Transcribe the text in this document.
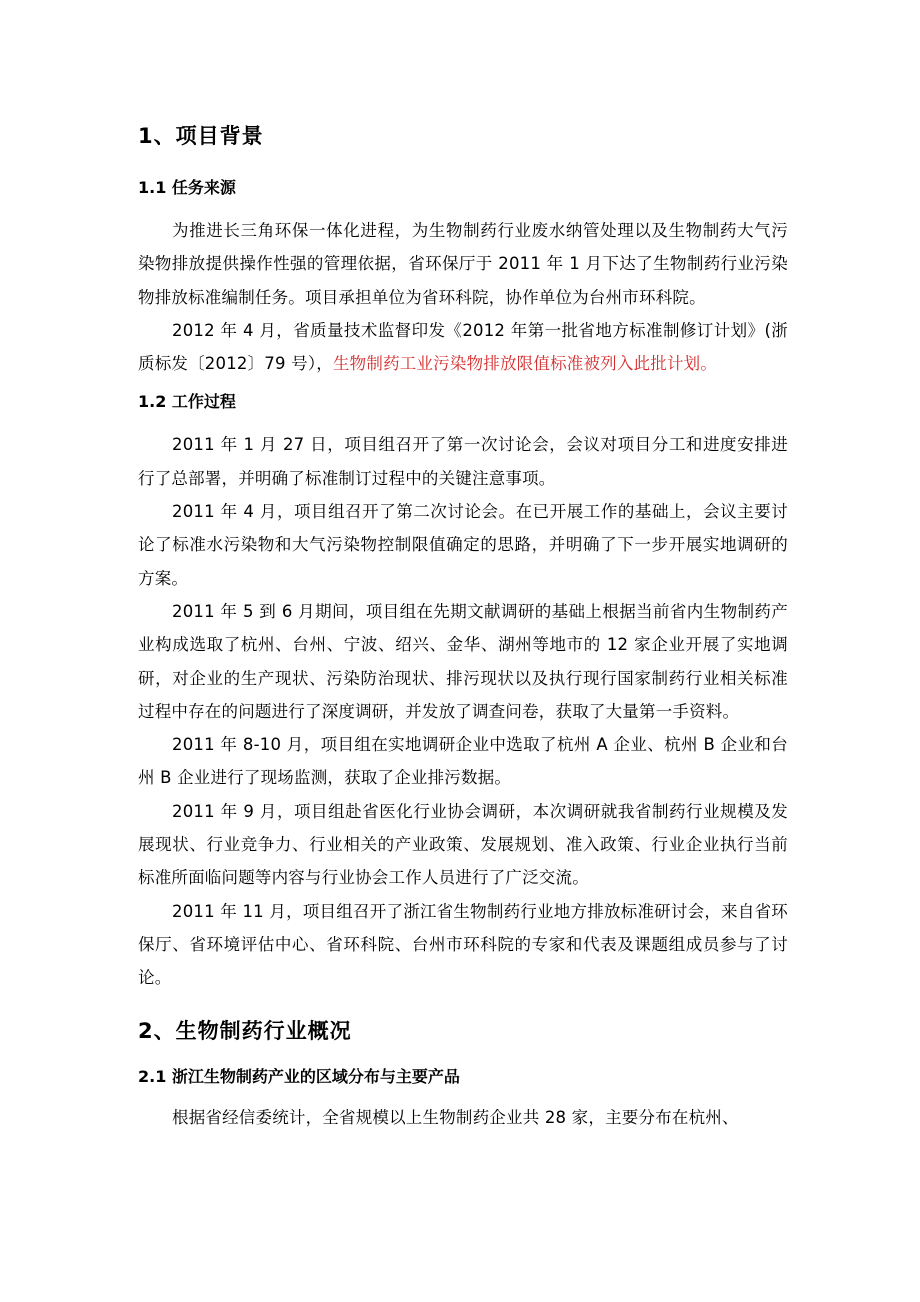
1、项目背景
1.1 任务来源

为推进长三角环保一体化进程，为生物制药行业废水纳管处理以及生物制药大气污染物排放提供操作性强的管理依据，省环保厅于 2011 年 1 月下达了生物制药行业污染物排放标准编制任务。项目承担单位为省环科院，协作单位为台州市环科院。

2012 年 4 月，省质量技术监督印发《2012 年第一批省地方标准制修订计划》(浙质标发〔2012〕79 号），生物制药工业污染物排放限值标准被列入此批计划。

1.2 工作过程

2011 年 1 月 27 日，项目组召开了第一次讨论会，会议对项目分工和进度安排进行了总部署，并明确了标准制订过程中的关键注意事项。

2011 年 4 月，项目组召开了第二次讨论会。在已开展工作的基础上，会议主要讨论了标准水污染物和大气污染物控制限值确定的思路，并明确了下一步开展实地调研的方案。

2011 年 5 到 6 月期间，项目组在先期文献调研的基础上根据当前省内生物制药产业构成选取了杭州、台州、宁波、绍兴、金华、湖州等地市的 12 家企业开展了实地调研，对企业的生产现状、污染防治现状、排污现状以及执行现行国家制药行业相关标准过程中存在的问题进行了深度调研，并发放了调查问卷，获取了大量第一手资料。

2011 年 8-10 月，项目组在实地调研企业中选取了杭州 A 企业、杭州 B 企业和台州 B 企业进行了现场监测，获取了企业排污数据。

2011 年 9 月，项目组赴省医化行业协会调研，本次调研就我省制药行业规模及发展现状、行业竞争力、行业相关的产业政策、发展规划、准入政策、行业企业执行当前标准所面临问题等内容与行业协会工作人员进行了广泛交流。

2011 年 11 月，项目组召开了浙江省生物制药行业地方排放标准研讨会，来自省环保厅、省环境评估中心、省环科院、台州市环科院的专家和代表及课题组成员参与了讨论。

2、生物制药行业概况
2.1 浙江生物制药产业的区域分布与主要产品

根据省经信委统计，全省规模以上生物制药企业共 28 家，主要分布在杭州、
